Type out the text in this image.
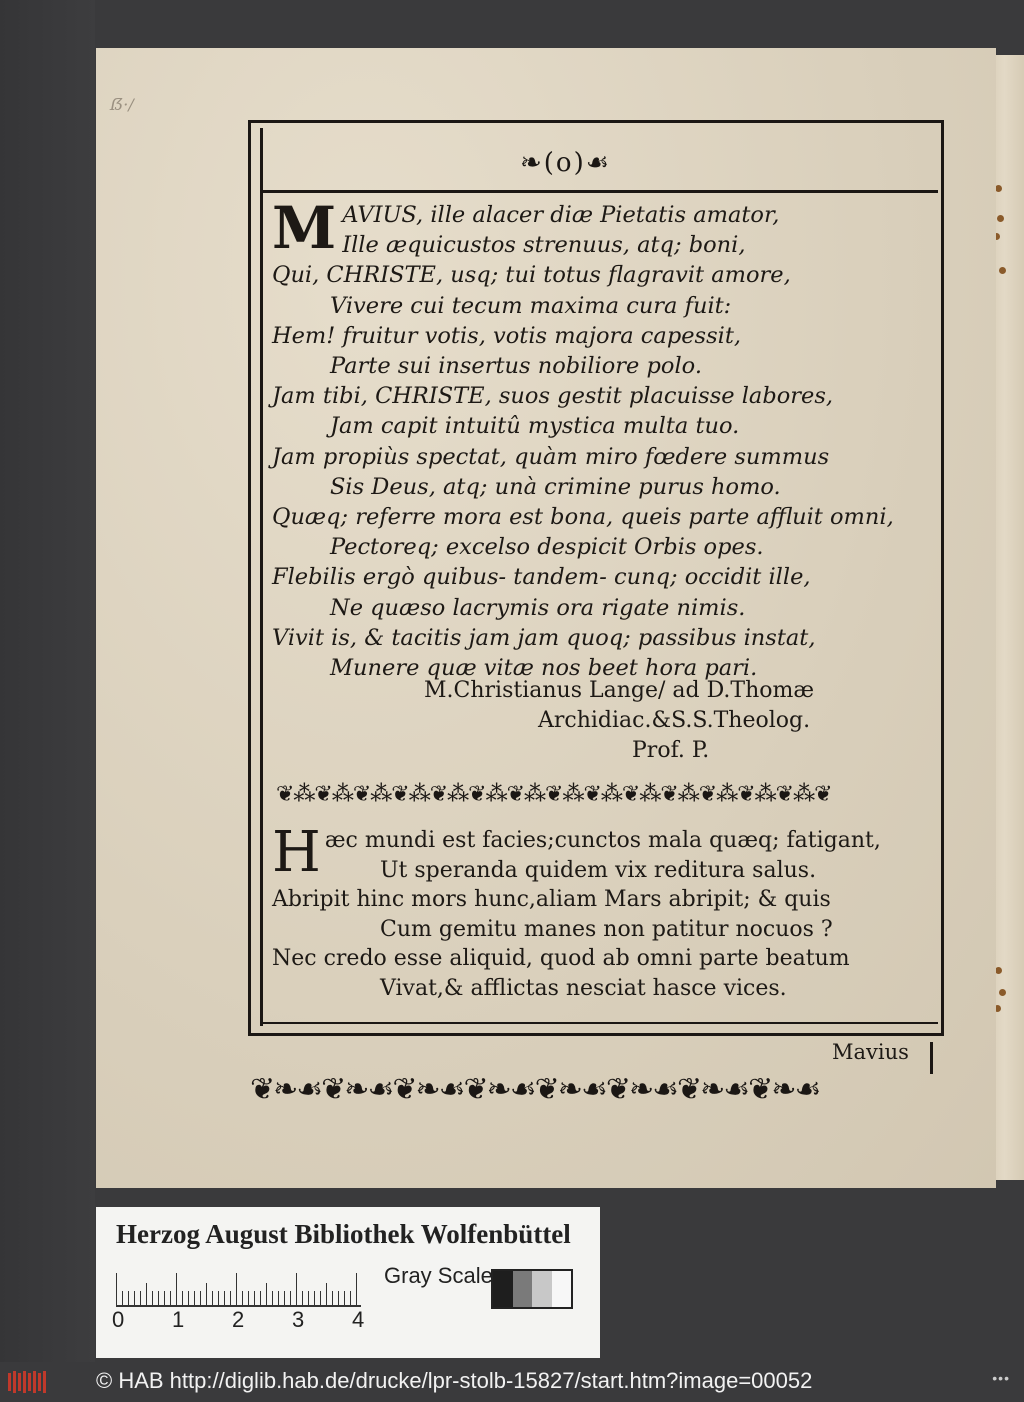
ẞ·/
❧(o)☙
M AVIUS, ille alacer diæ Pietatis amator,
Ille æquicustos strenuus, atq; boni,
Qui, CHRISTE, usq; tui totus flagravit amore,
Vivere cui tecum maxima cura fuit:
Hem! fruitur votis, votis majora capessit,
Parte sui insertus nobiliore polo.
Jam tibi, CHRISTE, suos gestit placuisse labores,
Jam capit intuitû mystica multa tuo.
Jam propiùs spectat, quàm miro fœdere summus
Sis Deus, atq; unà crimine purus homo.
Quæq; referre mora est bona, queis parte affluit omni,
Pectoreq; excelso despicit Orbis opes.
Flebilis ergò quibus- tandem- cunq; occidit ille,
Ne quæso lacrymis ora rigate nimis.
Vivit is, & tacitis jam jam quoq; passibus instat,
Munere quæ vitæ nos beet hora pari.
M.Christianus Lange/ ad D.Thomæ
Archidiac.&S.S.Theolog.
Prof. P.
❦⁂❦⁂❦⁂❦⁂❦⁂❦⁂❦⁂❦⁂❦⁂❦⁂❦⁂❦⁂❦⁂❦⁂❦
H æc mundi est facies;cunctos mala quæq; fatigant,
Ut speranda quidem vix reditura salus.
Abripit hinc mors hunc,aliam Mars abripit; & quis
Cum gemitu manes non patitur nocuos ?
Nec credo esse aliquid, quod ab omni parte beatum
Vivat,& afflictas nesciat hasce vices.
Mavius
❦❧☙❦❧☙❦❧☙❦❧☙❦❧☙❦❧☙❦❧☙❦❧☙
Herzog August Bibliothek Wolfenbüttel
0 1 2 3 4
Gray Scale
© HAB http://diglib.hab.de/drucke/lpr-stolb-15827/start.htm?image=00052	•••
